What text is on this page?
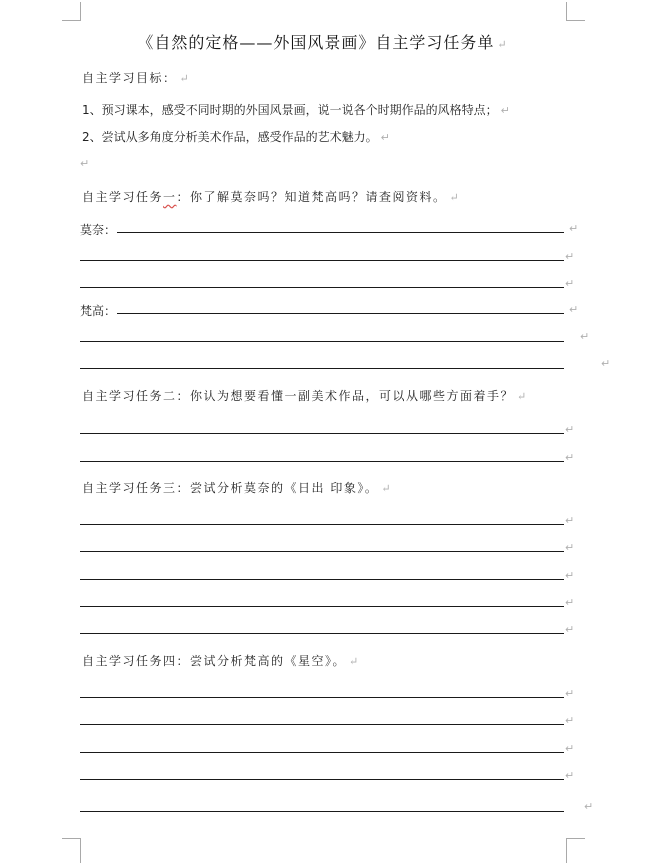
《自然的定格——外国风景画》自主学习任务单 ↵
自主学习目标： ↵
1、预习课本，感受不同时期的外国风景画，说一说各个时期作品的风格特点； ↵
2、尝试从多角度分析美术作品，感受作品的艺术魅力。 ↵
↵
自主学习任务一：你了解莫奈吗？知道梵高吗？请查阅资料。 ↵
莫奈：	↵
↵
↵
梵高：	↵
↵
↵
自主学习任务二：你认为想要看懂一副美术作品，可以从哪些方面着手？ ↵
↵
↵
自主学习任务三：尝试分析莫奈的《日出 印象》。 ↵
↵
↵
↵
↵
↵
自主学习任务四：尝试分析梵高的《星空》。 ↵
↵
↵
↵
↵
↵
